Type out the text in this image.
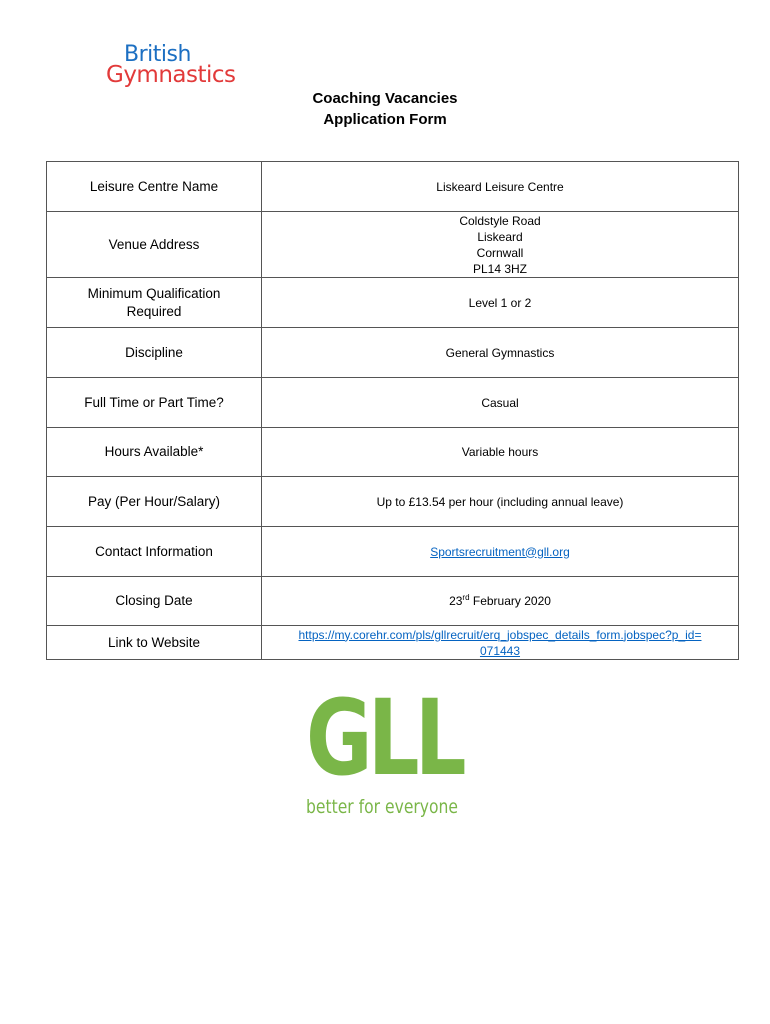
British
Gymnastics
Coaching Vacancies
Application Form
Leisure Centre Name	Liskeard Leisure Centre
Venue Address	Coldstyle Road
Liskeard
Cornwall
PL14 3HZ

Minimum Qualification
Required	Level 1 or 2
Discipline	General Gymnastics
Full Time or Part Time?	Casual
Hours Available*	Variable hours
Pay (Per Hour/Salary)	Up to £13.54 per hour (including annual leave)
Contact Information	Sportsrecruitment@gll.org
Closing Date	23rd February 2020
Link to Website	https://my.corehr.com/pls/gllrecruit/erq_jobspec_details_form.jobspec?p_id=
071443
GLL
better for everyone
